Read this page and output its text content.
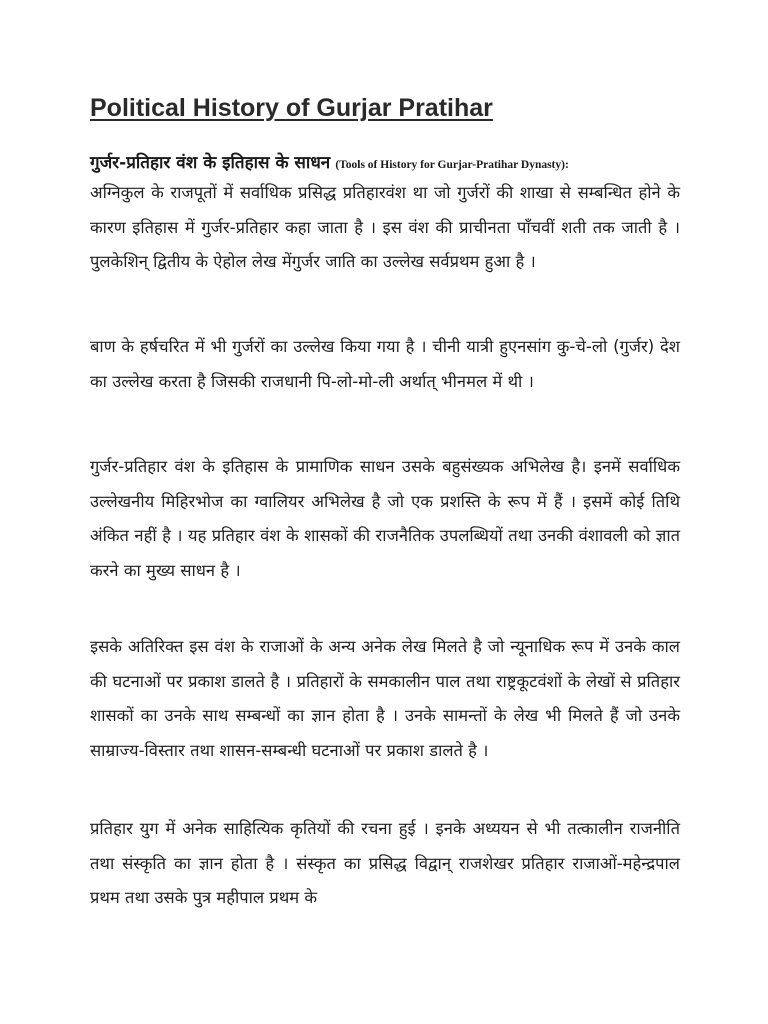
Political History of Gurjar Pratihar

गुर्जर-प्रतिहार वंश के इतिहास के साधन (Tools of History for Gurjar-Pratihar Dynasty):

अग्निकुल के राजपूतों में सर्वाधिक प्रसिद्ध प्रतिहारवंश था जो गुर्जरों की शाखा से सम्बन्धित होने के कारण इतिहास में गुर्जर-प्रतिहार कहा जाता है । इस वंश की प्राचीनता पाँचवीं शती तक जाती है । पुलकेशिन् द्वितीय के ऐहोल लेख मेंगुर्जर जाति का उल्लेख सर्वप्रथम हुआ है ।

बाण के हर्षचरित में भी गुर्जरों का उल्लेख किया गया है । चीनी यात्री हुएनसांग कु-चे-लो (गुर्जर) देश का उल्लेख करता है जिसकी राजधानी पि-लो-मो-ली अर्थात् भीनमल में थी ।

गुर्जर-प्रतिहार वंश के इतिहास के प्रामाणिक साधन उसके बहुसंख्यक अभिलेख है। इनमें सर्वाधिक उल्लेखनीय मिहिरभोज का ग्वालियर अभिलेख है जो एक प्रशस्ति के रूप में हैं । इसमें कोई तिथि अंकित नहीं है । यह प्रतिहार वंश के शासकों की राजनैतिक उपलब्धियों तथा उनकी वंशावली को ज्ञात करने का मुख्य साधन है ।

इसके अतिरिक्त इस वंश के राजाओं के अन्य अनेक लेख मिलते है जो न्यूनाधिक रूप में उनके काल की घटनाओं पर प्रकाश डालते है । प्रतिहारों के समकालीन पाल तथा राष्ट्रकूटवंशों के लेखों से प्रतिहार शासकों का उनके साथ सम्बन्धों का ज्ञान होता है । उनके सामन्तों के लेख भी मिलते हैं जो उनके साम्राज्य-विस्तार तथा शासन-सम्बन्धी घटनाओं पर प्रकाश डालते है ।

प्रतिहार युग में अनेक साहित्यिक कृतियों की रचना हुई । इनके अध्ययन से भी तत्कालीन राजनीति तथा संस्कृति का ज्ञान होता है । संस्कृत का प्रसिद्ध विद्वान् राजशेखर प्रतिहार राजाओं-महेन्द्रपाल प्रथम तथा उसके पुत्र महीपाल प्रथम के
